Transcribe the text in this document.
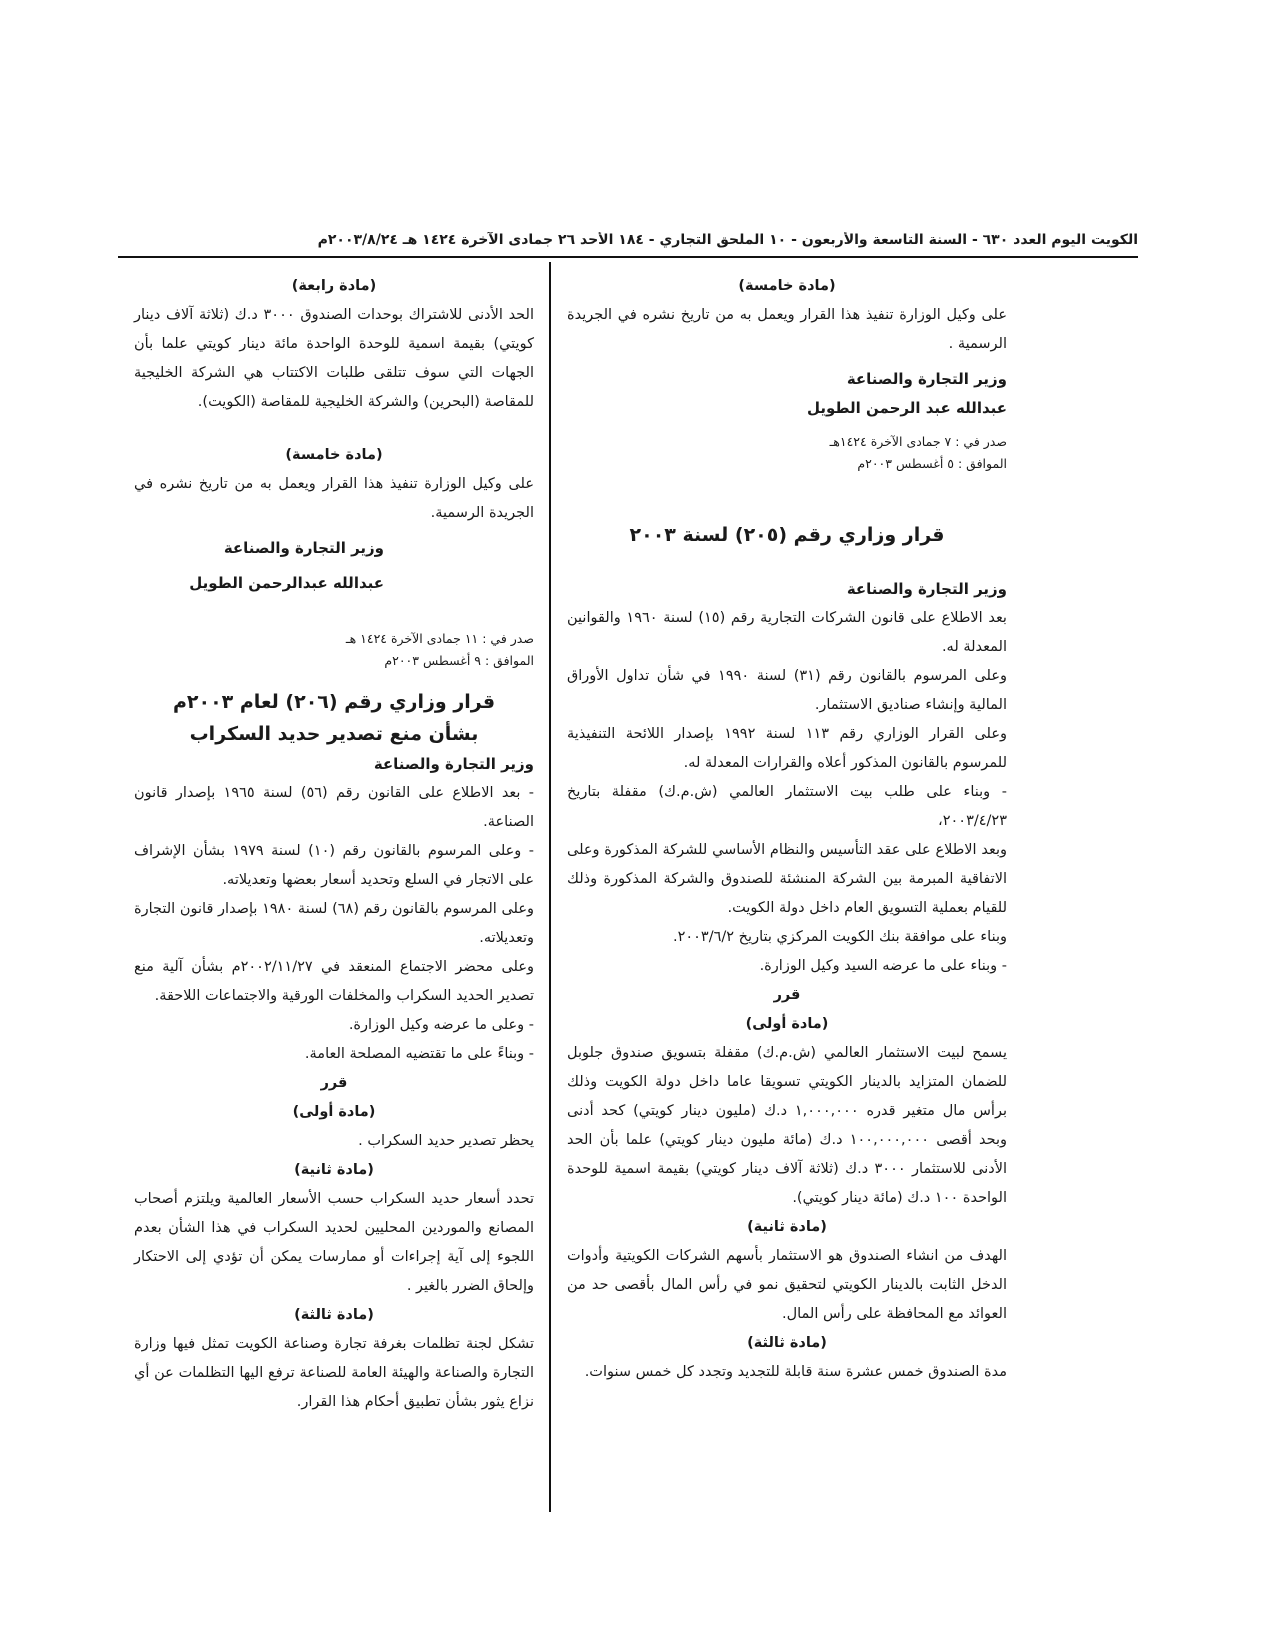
الكويت اليوم العدد ٦٣٠ - السنة التاسعة والأربعون - ١٠ الملحق التجاري - ١٨٤ الأحد ٢٦ جمادى الآخرة ١٤٢٤ هـ ٢٠٠٣/٨/٢٤م

(مادة خامسة)

على وكيل الوزارة تنفيذ هذا القرار ويعمل به من تاريخ نشره في الجريدة الرسمية .

وزير التجارة والصناعة

عبدالله عبد الرحمن الطويل

صدر في : ٧ جمادى الآخرة ١٤٢٤هـ

الموافق : ٥ أغسطس ٢٠٠٣م

قرار وزاري رقم (٢٠٥) لسنة ٢٠٠٣

وزير التجارة والصناعة

بعد الاطلاع على قانون الشركات التجارية رقم (١٥) لسنة ١٩٦٠ والقوانين المعدلة له.

وعلى المرسوم بالقانون رقم (٣١) لسنة ١٩٩٠ في شأن تداول الأوراق المالية وإنشاء صناديق الاستثمار.

وعلى القرار الوزاري رقم ١١٣ لسنة ١٩٩٢ بإصدار اللائحة التنفيذية للمرسوم بالقانون المذكور أعلاه والقرارات المعدلة له.

- وبناء على طلب بيت الاستثمار العالمي (ش.م.ك) مقفلة بتاريخ ٢٠٠٣/٤/٢٣،

وبعد الاطلاع على عقد التأسيس والنظام الأساسي للشركة المذكورة وعلى الاتفاقية المبرمة بين الشركة المنشئة للصندوق والشركة المذكورة وذلك للقيام بعملية التسويق العام داخل دولة الكويت.

وبناء على موافقة بنك الكويت المركزي بتاريخ ٢٠٠٣/٦/٢.

- وبناء على ما عرضه السيد وكيل الوزارة.

قرر

(مادة أولى)

يسمح لبيت الاستثمار العالمي (ش.م.ك) مقفلة بتسويق صندوق جلوبل للضمان المتزايد بالدينار الكويتي تسويقا عاما داخل دولة الكويت وذلك برأس مال متغير قدره ١,٠٠٠,٠٠٠ د.ك (مليون دينار كويتي) كحد أدنى وبحد أقصى ١٠٠,٠٠٠,٠٠٠ د.ك (مائة مليون دينار كويتي) علما بأن الحد الأدنى للاستثمار ٣٠٠٠ د.ك (ثلاثة آلاف دينار كويتي) بقيمة اسمية للوحدة الواحدة ١٠٠ د.ك (مائة دينار كويتي).

(مادة ثانية)

الهدف من انشاء الصندوق هو الاستثمار بأسهم الشركات الكويتية وأدوات الدخل الثابت بالدينار الكويتي لتحقيق نمو في رأس المال بأقصى حد من العوائد مع المحافظة على رأس المال.

(مادة ثالثة)

مدة الصندوق خمس عشرة سنة قابلة للتجديد وتجدد كل خمس سنوات.

(مادة رابعة)

الحد الأدنى للاشتراك بوحدات الصندوق ٣٠٠٠ د.ك (ثلاثة آلاف دينار كويتي) بقيمة اسمية للوحدة الواحدة مائة دينار كويتي علما بأن الجهات التي سوف تتلقى طلبات الاكتتاب هي الشركة الخليجية للمقاصة (البحرين) والشركة الخليجية للمقاصة (الكويت).

(مادة خامسة)

على وكيل الوزارة تنفيذ هذا القرار ويعمل به من تاريخ نشره في الجريدة الرسمية.

وزير التجارة والصناعة

عبدالله عبدالرحمن الطويل

صدر في : ١١ جمادى الآخرة ١٤٢٤ هـ

الموافق : ٩ أغسطس ٢٠٠٣م

قرار وزاري رقم (٢٠٦) لعام ٢٠٠٣م

بشأن منع تصدير حديد السكراب

وزير التجارة والصناعة

- بعد الاطلاع على القانون رقم (٥٦) لسنة ١٩٦٥ بإصدار قانون الصناعة.

- وعلى المرسوم بالقانون رقم (١٠) لسنة ١٩٧٩ بشأن الإشراف على الاتجار في السلع وتحديد أسعار بعضها وتعديلاته.

وعلى المرسوم بالقانون رقم (٦٨) لسنة ١٩٨٠ بإصدار قانون التجارة وتعديلاته.

وعلى محضر الاجتماع المنعقد في ٢٠٠٢/١١/٢٧م بشأن آلية منع تصدير الحديد السكراب والمخلفات الورقية والاجتماعات اللاحقة.

- وعلى ما عرضه وكيل الوزارة.

- وبناءً على ما تقتضيه المصلحة العامة.

قرر

(مادة أولى)

يحظر تصدير حديد السكراب .

(مادة ثانية)

تحدد أسعار حديد السكراب حسب الأسعار العالمية ويلتزم أصحاب المصانع والموردين المحليين لحديد السكراب في هذا الشأن بعدم اللجوء إلى آية إجراءات أو ممارسات يمكن أن تؤدي إلى الاحتكار وإلحاق الضرر بالغير .

(مادة ثالثة)

تشكل لجنة تظلمات بغرفة تجارة وصناعة الكويت تمثل فيها وزارة التجارة والصناعة والهيئة العامة للصناعة ترفع اليها التظلمات عن أي نزاع يثور بشأن تطبيق أحكام هذا القرار.
